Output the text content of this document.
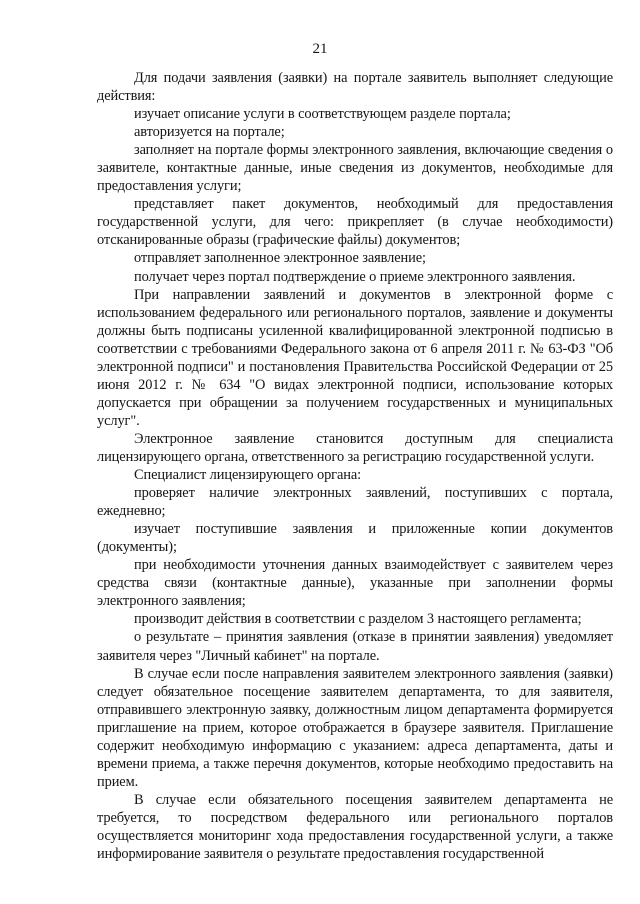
21

Для подачи заявления (заявки) на портале заявитель выполняет следующие действия:

изучает описание услуги в соответствующем разделе портала;

авторизуется на портале;

заполняет на портале формы электронного заявления, включающие сведения о заявителе, контактные данные, иные сведения из документов, необходимые для предоставления услуги;

представляет пакет документов, необходимый для предоставления государственной услуги, для чего: прикрепляет (в случае необходимости) отсканированные образы (графические файлы) документов;

отправляет заполненное электронное заявление;

получает через портал подтверждение о приеме электронного заявления.

При направлении заявлений и документов в электронной форме с использованием федерального или регионального порталов, заявление и документы должны быть подписаны усиленной квалифицированной электронной подписью в соответствии с требованиями Федерального закона от 6 апреля 2011 г. № 63-ФЗ "Об электронной подписи" и постановления Правительства Российской Федерации от 25 июня 2012 г. № 634 "О видах электронной подписи, использование которых допускается при обращении за получением государственных и муниципальных услуг".

Электронное заявление становится доступным для специалиста лицензирующего органа, ответственного за регистрацию государственной услуги.

Специалист лицензирующего органа:

проверяет наличие электронных заявлений, поступивших с портала, ежедневно;

изучает поступившие заявления и приложенные копии документов (документы);

при необходимости уточнения данных взаимодействует с заявителем через средства связи (контактные данные), указанные при заполнении формы электронного заявления;

производит действия в соответствии с разделом 3 настоящего регламента;

о результате – принятия заявления (отказе в принятии заявления) уведомляет заявителя через "Личный кабинет" на портале.

В случае если после направления заявителем электронного заявления (заявки) следует обязательное посещение заявителем департамента, то для заявителя, отправившего электронную заявку, должностным лицом департамента формируется приглашение на прием, которое отображается в браузере заявителя. Приглашение содержит необходимую информацию с указанием: адреса департамента, даты и времени приема, а также перечня документов, которые необходимо предоставить на прием.

В случае если обязательного посещения заявителем департамента не требуется, то посредством федерального или регионального порталов осуществляется мониторинг хода предоставления государственной услуги, а также информирование заявителя о результате предоставления государственной
